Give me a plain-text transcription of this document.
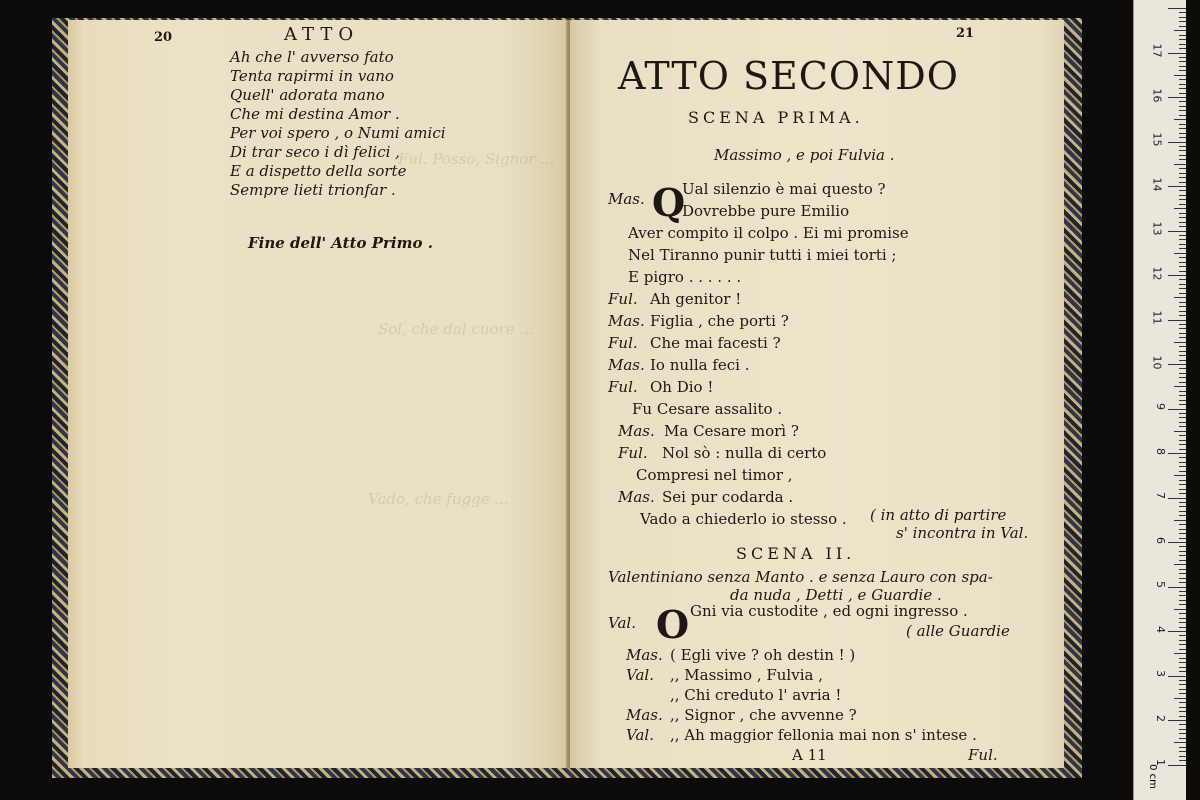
Ful. Posso, Signor ...
Sol, che dal cuore ...
Vado, che fugge ...
20	ATTO
Ah che l' avverso fato
Tenta rapirmi in vano
Quell' adorata mano
Che mi destina Amor .
Per voi spero , o Numi amici
Di trar seco i dì felici ,
E a dispetto della sorte
Sempre lieti trionfar .
Fine dell' Atto Primo .
21
ATTO SECONDO
SCENA PRIMA.
Massimo , e poi Fulvia .
Mas. Q
Ual silenzio è mai questo ?
Dovrebbe pure Emilio
Aver compito il colpo . Ei mi promise
Nel Tiranno punir tutti i miei torti ;
E pigro . . . . . .
Ful. Ah genitor !
Mas. Figlia , che porti ?
Ful. Che mai facesti ?
Mas. Io nulla feci .
Ful. Oh Dio !
Fu Cesare assalito .
Mas. Ma Cesare morì ?
Ful. Nol sò : nulla di certo
Compresi nel timor ,
Mas. Sei pur codarda .
Vado a chiederlo io stesso . ( in atto di partire
s' incontra in Val.
SCENA II.
Valentiniano senza Manto . e senza Lauro con spa-
da nuda , Detti , e Guardie .
Val. O Gni via custodite , ed ogni ingresso .
( alle Guardie
Mas. ( Egli vive ? oh destin ! )
Val. ,, Massimo , Fulvia ,
,, Chi creduto l' avria !
Mas. ,, Signor , che avvenne ?
Val. ,, Ah maggior fellonia mai non s' intese .
A 11	Ful.
0 cm
17
16
15
14
13
12
11
10
9
8
7
6
5
4
3
2
1
